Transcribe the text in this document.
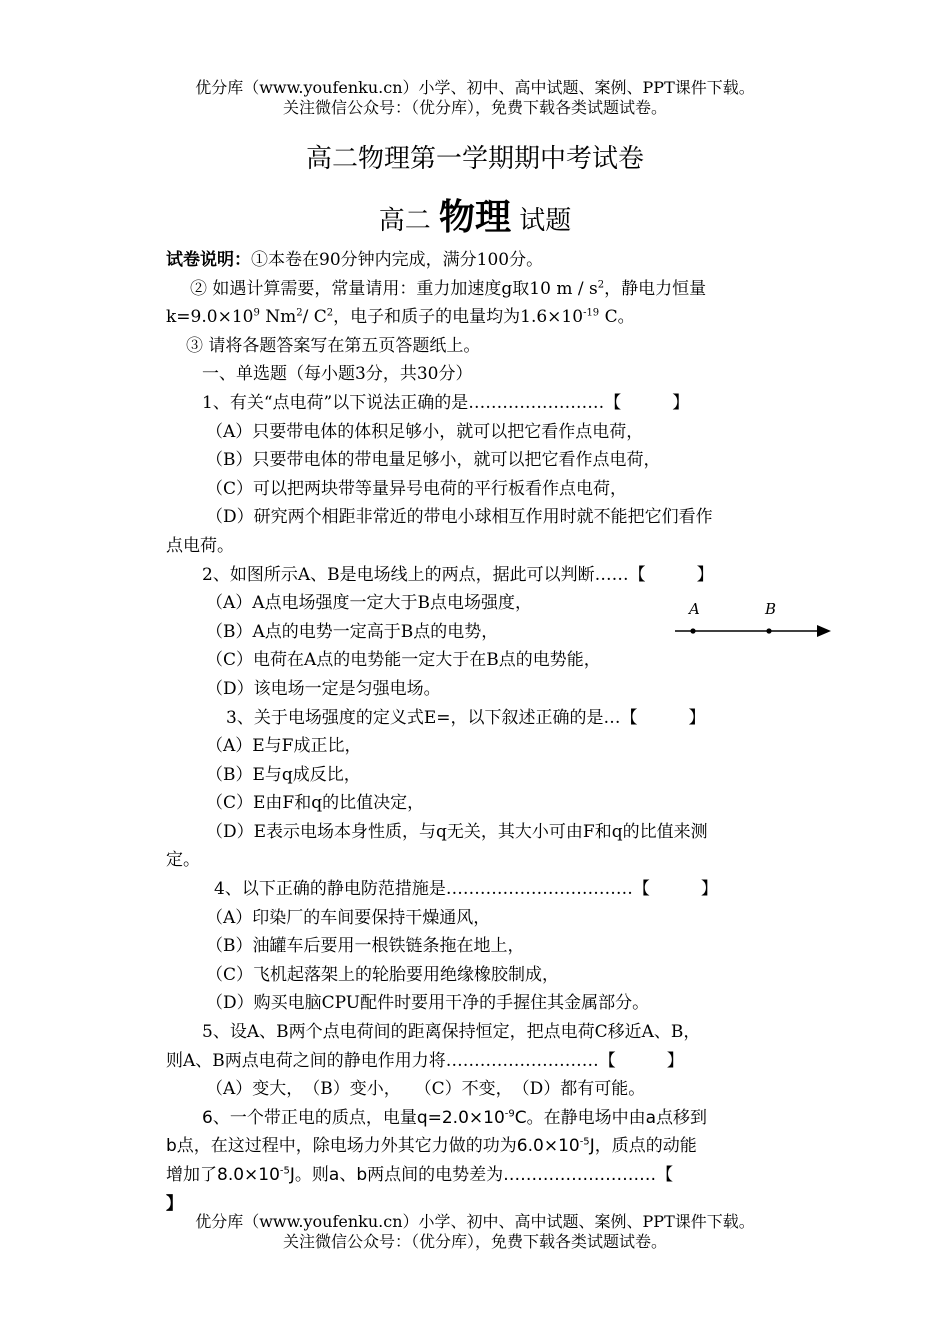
优分库（www.youfenku.cn）小学、初中、高中试题、案例、PPT课件下载。
关注微信公众号：（优分库），免费下载各类试题试卷。
高二物理第一学期期中考试卷
高二 物理 试题

试卷说明：①本卷在90分钟内完成，满分100分。

② 如遇计算需要，常量请用：重力加速度g取10 m / $s^2$，静电力恒量

$k=9.0\times 10^9$ Nm$^2$/ $C^2$，电子和质子的电量均为$1.6\times 10^{-19}$ C。

③ 请将各题答案写在第五页答题纸上。

一、单选题（每小题3分，共30分）

1、有关“点电荷”以下说法正确的是……………………【　　　】

（A）只要带电体的体积足够小，就可以把它看作点电荷，

（B）只要带电体的带电量足够小，就可以把它看作点电荷，

（C）可以把两块带等量异号电荷的平行板看作点电荷，

（D）研究两个相距非常近的带电小球相互作用时就不能把它们看作

点电荷。

2、如图所示A、B是电场线上的两点，据此可以判断……【　　　】

（A）A点电场强度一定大于B点电场强度，

（B）A点的电势一定高于B点的电势，

（C）电荷在A点的电势能一定大于在B点的电势能，

（D）该电场一定是匀强电场。

3、关于电场强度的定义式E=，以下叙述正确的是…【　　　】

（A）E与F成正比，

（B）E与q成反比，

（C）E由F和q的比值决定，

（D）E表示电场本身性质，与q无关，其大小可由F和q的比值来测

定。

4、以下正确的静电防范措施是……………………………【　　　】

（A）印染厂的车间要保持干燥通风，

（B）油罐车后要用一根铁链条拖在地上，

（C）飞机起落架上的轮胎要用绝缘橡胶制成，

（D）购买电脑CPU配件时要用干净的手握住其金属部分。

5、设A、B两个点电荷间的距离保持恒定，把点电荷C移近A、B，

则A、B两点电荷之间的静电作用力将………………………【　　　】

（A）变大，　（B）变小，　 （C）不变，　（D）都有可能。

6、一个带正电的质点，电量$q=2.0\times 10^{-9}C$。在静电场中由a点移到

b点，在这过程中，除电场力外其它力做的功为$6.0\times 10^{-5}J$，质点的动能

增加了$8.0\times 10^{-5}J$。则a、b两点间的电势差为………………………【

】

A	B
优分库（www.youfenku.cn）小学、初中、高中试题、案例、PPT课件下载。
关注微信公众号：（优分库），免费下载各类试题试卷。
